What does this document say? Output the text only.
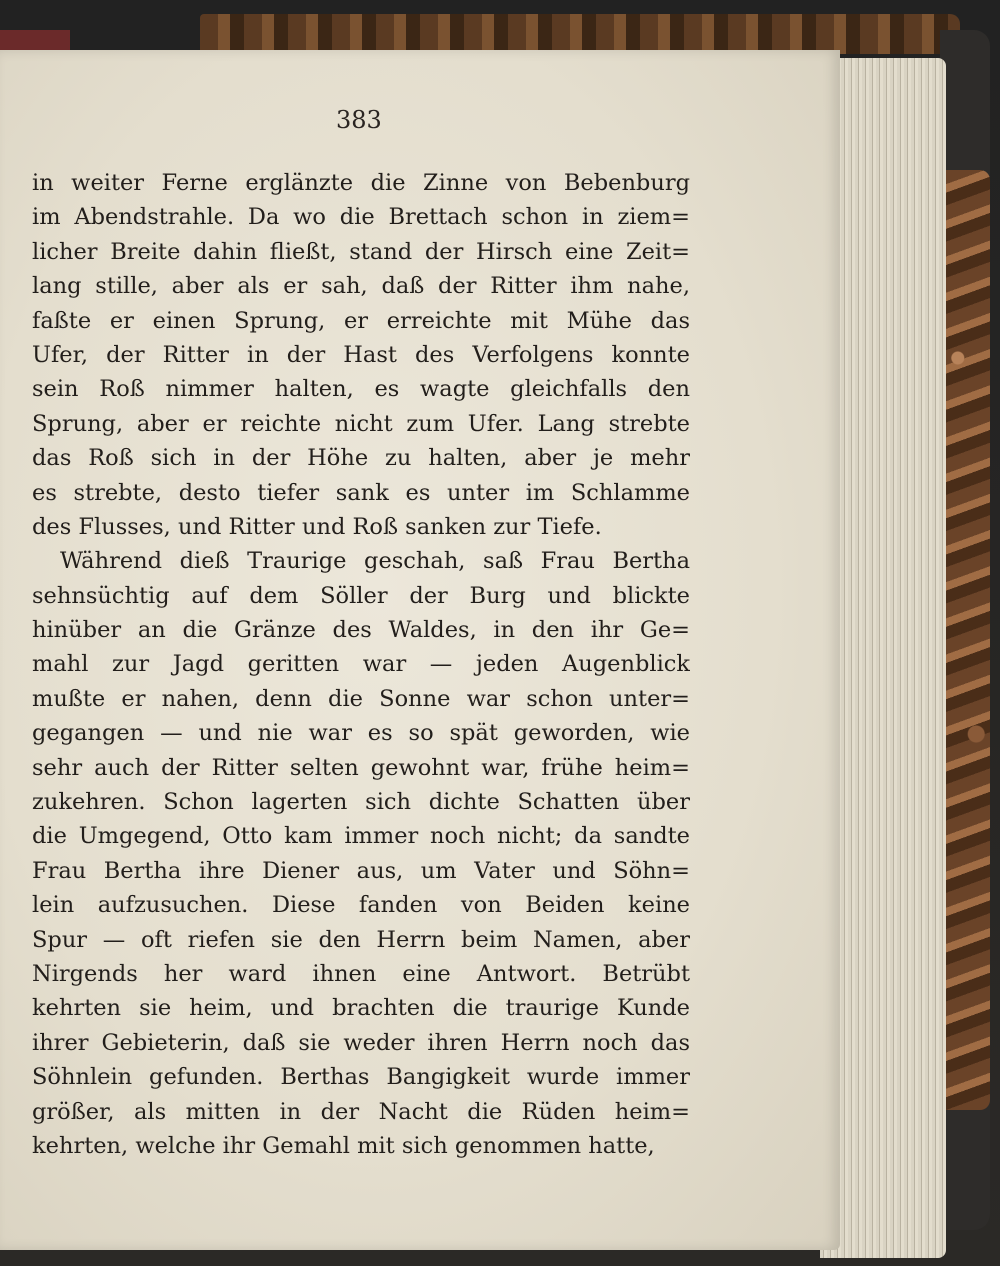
383
in weiter Ferne erglänzte die Zinne von Bebenburg
im Abendstrahle. Da wo die Brettach schon in ziem=
licher Breite dahin fließt, stand der Hirsch eine Zeit=
lang stille, aber als er sah, daß der Ritter ihm nahe,
faßte er einen Sprung, er erreichte mit Mühe das
Ufer, der Ritter in der Hast des Verfolgens konnte
sein Roß nimmer halten, es wagte gleichfalls den
Sprung, aber er reichte nicht zum Ufer. Lang strebte
das Roß sich in der Höhe zu halten, aber je mehr
es strebte, desto tiefer sank es unter im Schlamme
des Flusses, und Ritter und Roß sanken zur Tiefe.
Während dieß Traurige geschah, saß Frau Bertha
sehnsüchtig auf dem Söller der Burg und blickte
hinüber an die Gränze des Waldes, in den ihr Ge=
mahl zur Jagd geritten war — jeden Augenblick
mußte er nahen, denn die Sonne war schon unter=
gegangen — und nie war es so spät geworden, wie
sehr auch der Ritter selten gewohnt war, frühe heim=
zukehren. Schon lagerten sich dichte Schatten über
die Umgegend, Otto kam immer noch nicht; da sandte
Frau Bertha ihre Diener aus, um Vater und Söhn=
lein aufzusuchen. Diese fanden von Beiden keine
Spur — oft riefen sie den Herrn beim Namen, aber
Nirgends her ward ihnen eine Antwort. Betrübt
kehrten sie heim, und brachten die traurige Kunde
ihrer Gebieterin, daß sie weder ihren Herrn noch das
Söhnlein gefunden. Berthas Bangigkeit wurde immer
größer, als mitten in der Nacht die Rüden heim=
kehrten, welche ihr Gemahl mit sich genommen hatte,
